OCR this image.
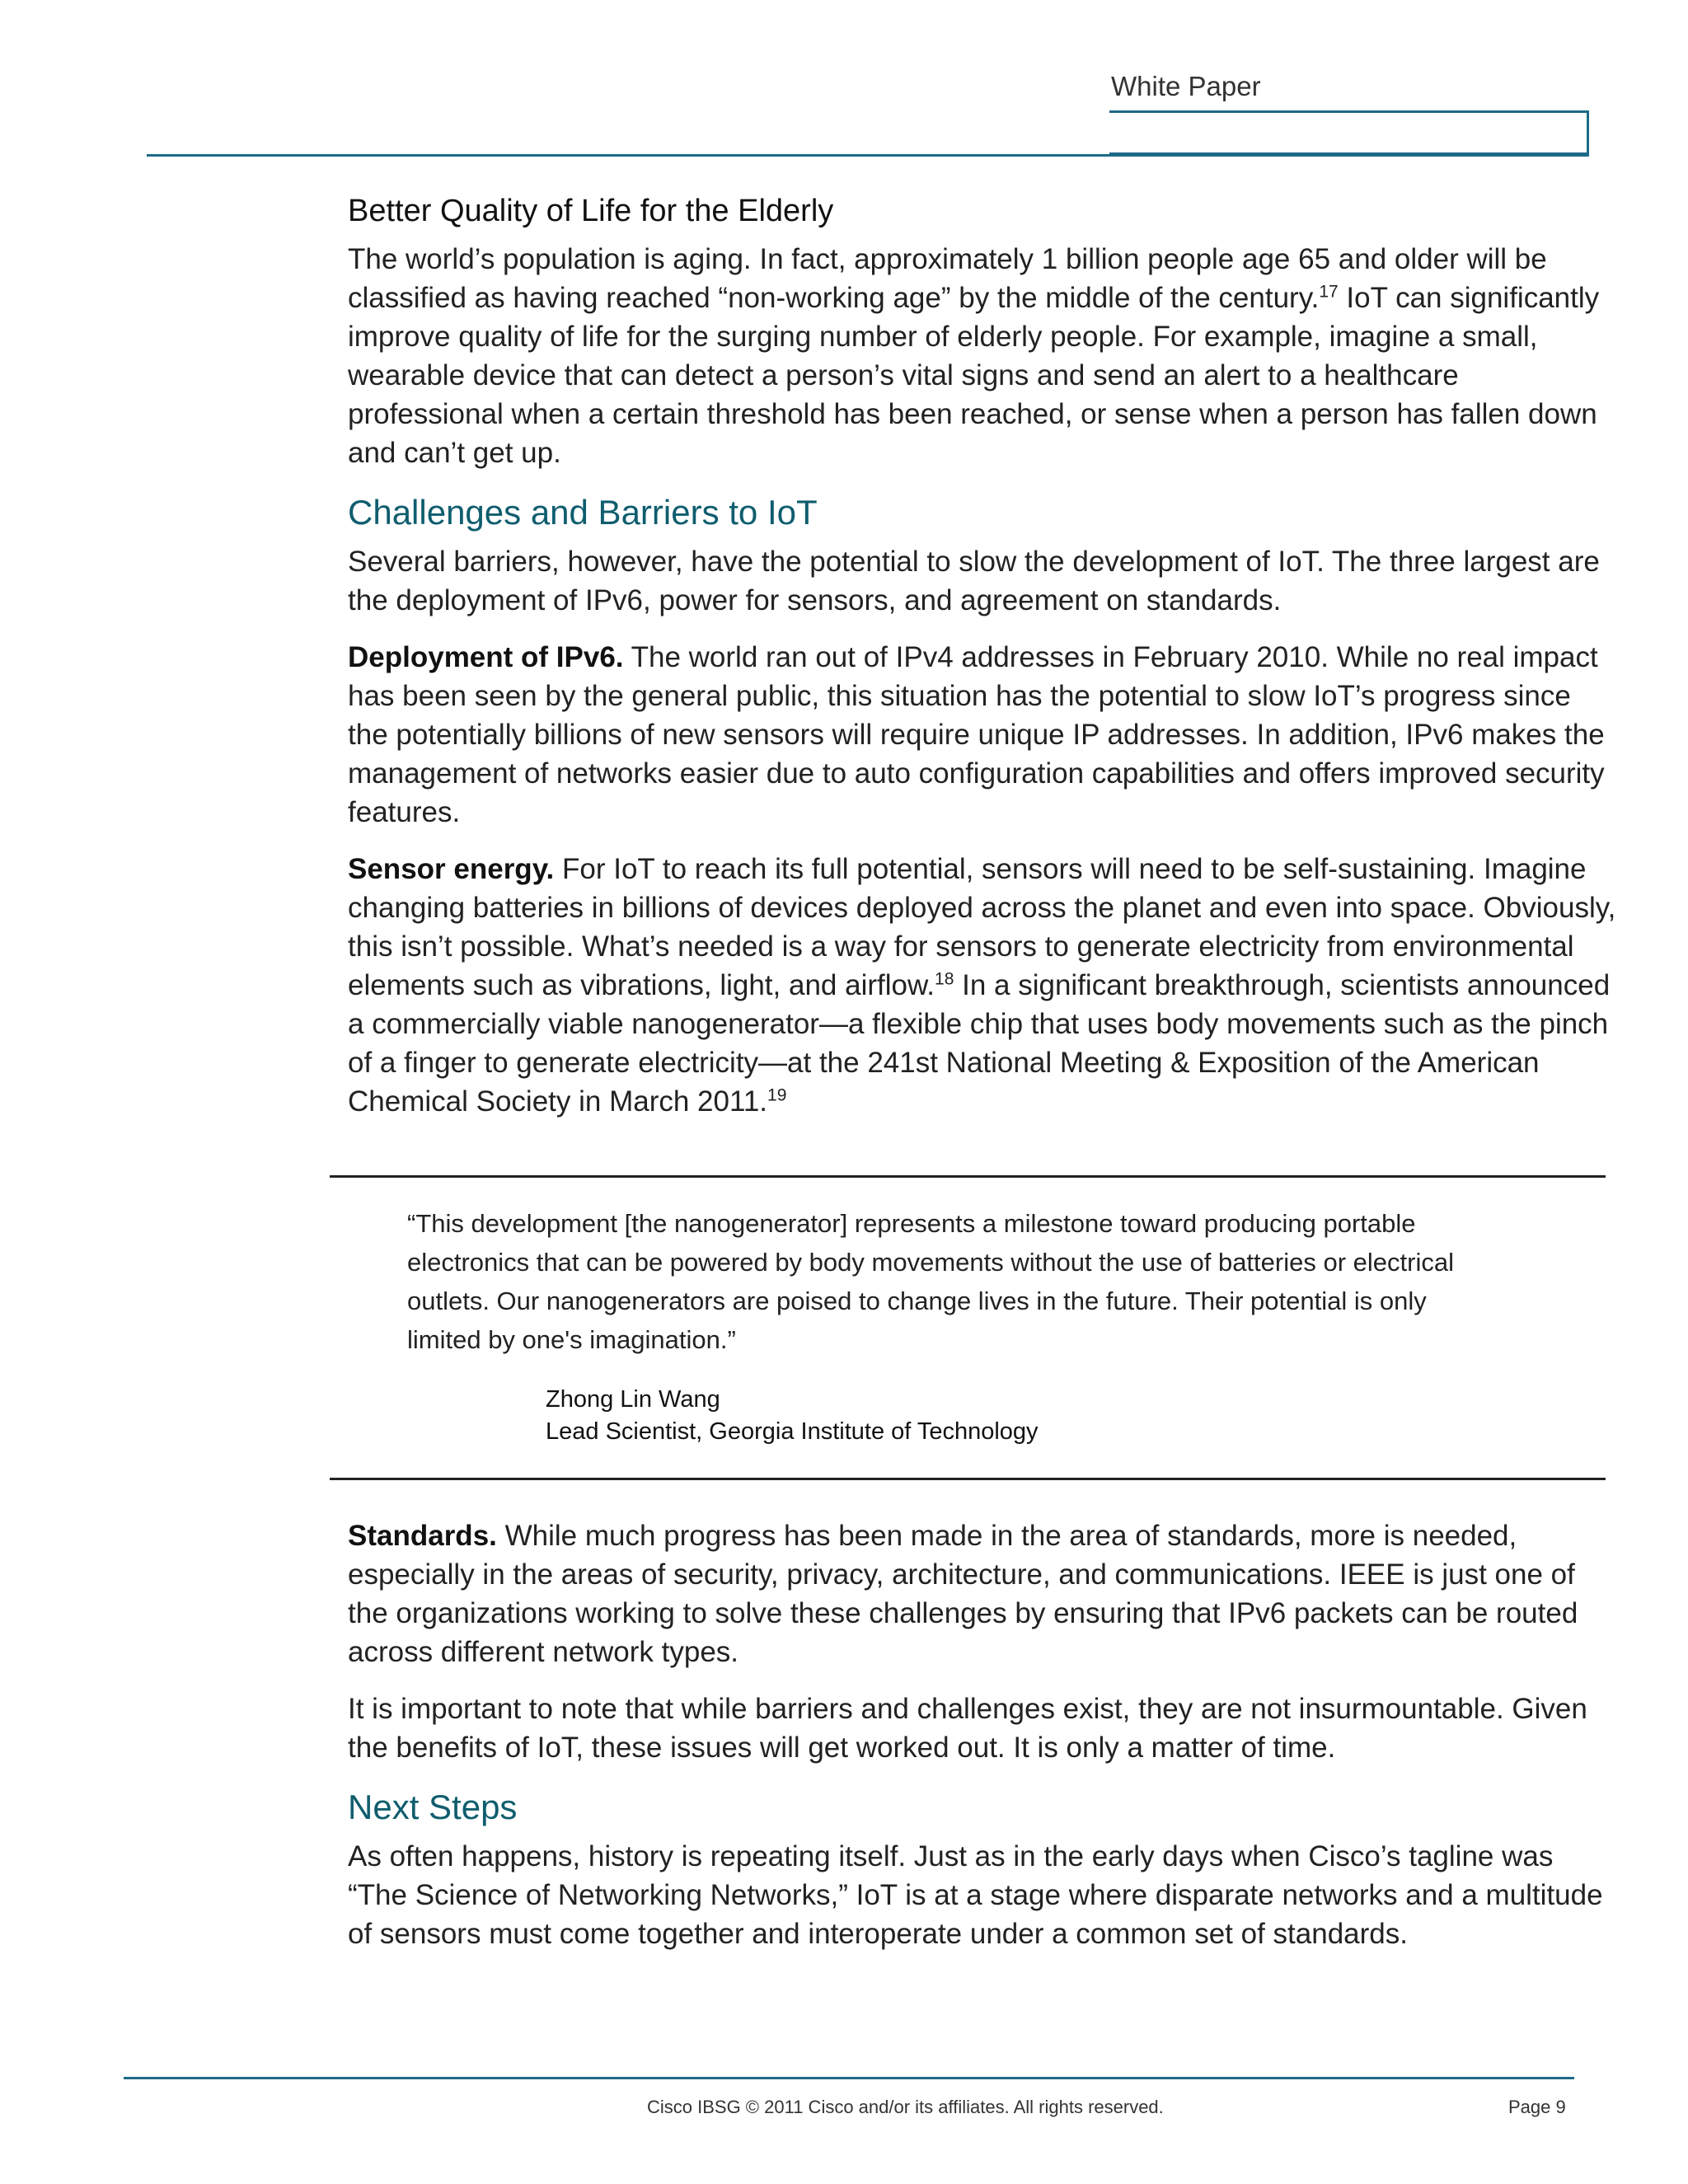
White Paper
Better Quality of Life for the Elderly
The world’s population is aging. In fact, approximately 1 billion people age 65 and older will be classified as having reached “non-working age” by the middle of the century.$^{17}$ IoT can significantly improve quality of life for the surging number of elderly people. For example, imagine a small, wearable device that can detect a person’s vital signs and send an alert to a healthcare professional when a certain threshold has been reached, or sense when a person has fallen down and can’t get up.
Challenges and Barriers to IoT
Several barriers, however, have the potential to slow the development of IoT. The three largest are the deployment of IPv6, power for sensors, and agreement on standards.
Deployment of IPv6. The world ran out of IPv4 addresses in February 2010. While no real impact has been seen by the general public, this situation has the potential to slow IoT’s progress since the potentially billions of new sensors will require unique IP addresses. In addition, IPv6 makes the management of networks easier due to auto configuration capabilities and offers improved security features.
Sensor energy. For IoT to reach its full potential, sensors will need to be self-sustaining. Imagine changing batteries in billions of devices deployed across the planet and even into space. Obviously, this isn’t possible. What’s needed is a way for sensors to generate electricity from environmental elements such as vibrations, light, and airflow.$^{18}$ In a significant breakthrough, scientists announced a commercially viable nanogenerator—a flexible chip that uses body movements such as the pinch of a finger to generate electricity—at the 241st National Meeting & Exposition of the American Chemical Society in March 2011.19
“This development [the nanogenerator] represents a milestone toward producing portable electronics that can be powered by body movements without the use of batteries or electrical outlets. Our nanogenerators are poised to change lives in the future. Their potential is only limited by one's imagination.”
Zhong Lin Wang
Lead Scientist, Georgia Institute of Technology
Standards. While much progress has been made in the area of standards, more is needed, especially in the areas of security, privacy, architecture, and communications. IEEE is just one of the organizations working to solve these challenges by ensuring that IPv6 packets can be routed across different network types.
It is important to note that while barriers and challenges exist, they are not insurmountable. Given the benefits of IoT, these issues will get worked out. It is only a matter of time.
Next Steps
As often happens, history is repeating itself. Just as in the early days when Cisco’s tagline was “The Science of Networking Networks,” IoT is at a stage where disparate networks and a multitude of sensors must come together and interoperate under a common set of standards.
Cisco IBSG © 2011 Cisco and/or its affiliates. All rights reserved.	Page 9
